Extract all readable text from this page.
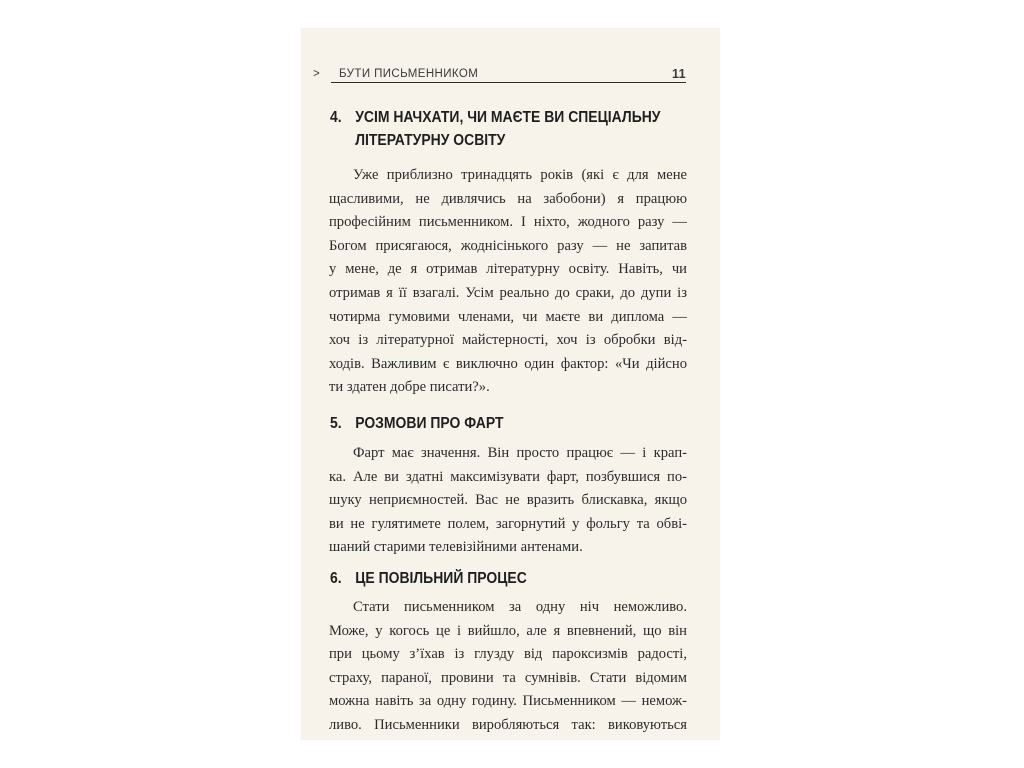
> БУТИ ПИСЬМЕННИКОМ	11
4. УСІМ НАЧХАТИ, ЧИ МАЄТЕ ВИ СПЕЦІАЛЬНУ
ЛІТЕРАТУРНУ ОСВІТУ
Уже приблизно тринадцять років (які є для мене
щасливими, не дивлячись на забобони) я працюю
професійним письменником. І ніхто, жодного разу —
Богом присягаюся, жоднісінького разу — не запитав
у мене, де я отримав літературну освіту. Навіть, чи
отримав я її взагалі. Усім реально до сраки, до дупи із
чотирма гумовими членами, чи маєте ви диплома —
хоч із літературної майстерності, хоч із обробки від-
ходів. Важливим є виключно один фактор: «Чи дійсно
ти здатен добре писати?».
5. РОЗМОВИ ПРО ФАРТ
Фарт має значення. Він просто працює — і крап-
ка. Але ви здатні максимізувати фарт, позбувшися по-
шуку неприємностей. Вас не вразить блискавка, якщо
ви не гулятимете полем, загорнутий у фольгу та обві-
шаний старими телевізійними антенами.
6. ЦЕ ПОВІЛЬНИЙ ПРОЦЕС
Стати письменником за одну ніч неможливо.
Може, у когось це і вийшло, але я впевнений, що він
при цьому з’їхав із глузду від пароксизмів радості,
страху, параної, провини та сумнівів. Стати відомим
можна навіть за одну годину. Письменником — немож-
ливо. Письменники виробляються так: виковуються
